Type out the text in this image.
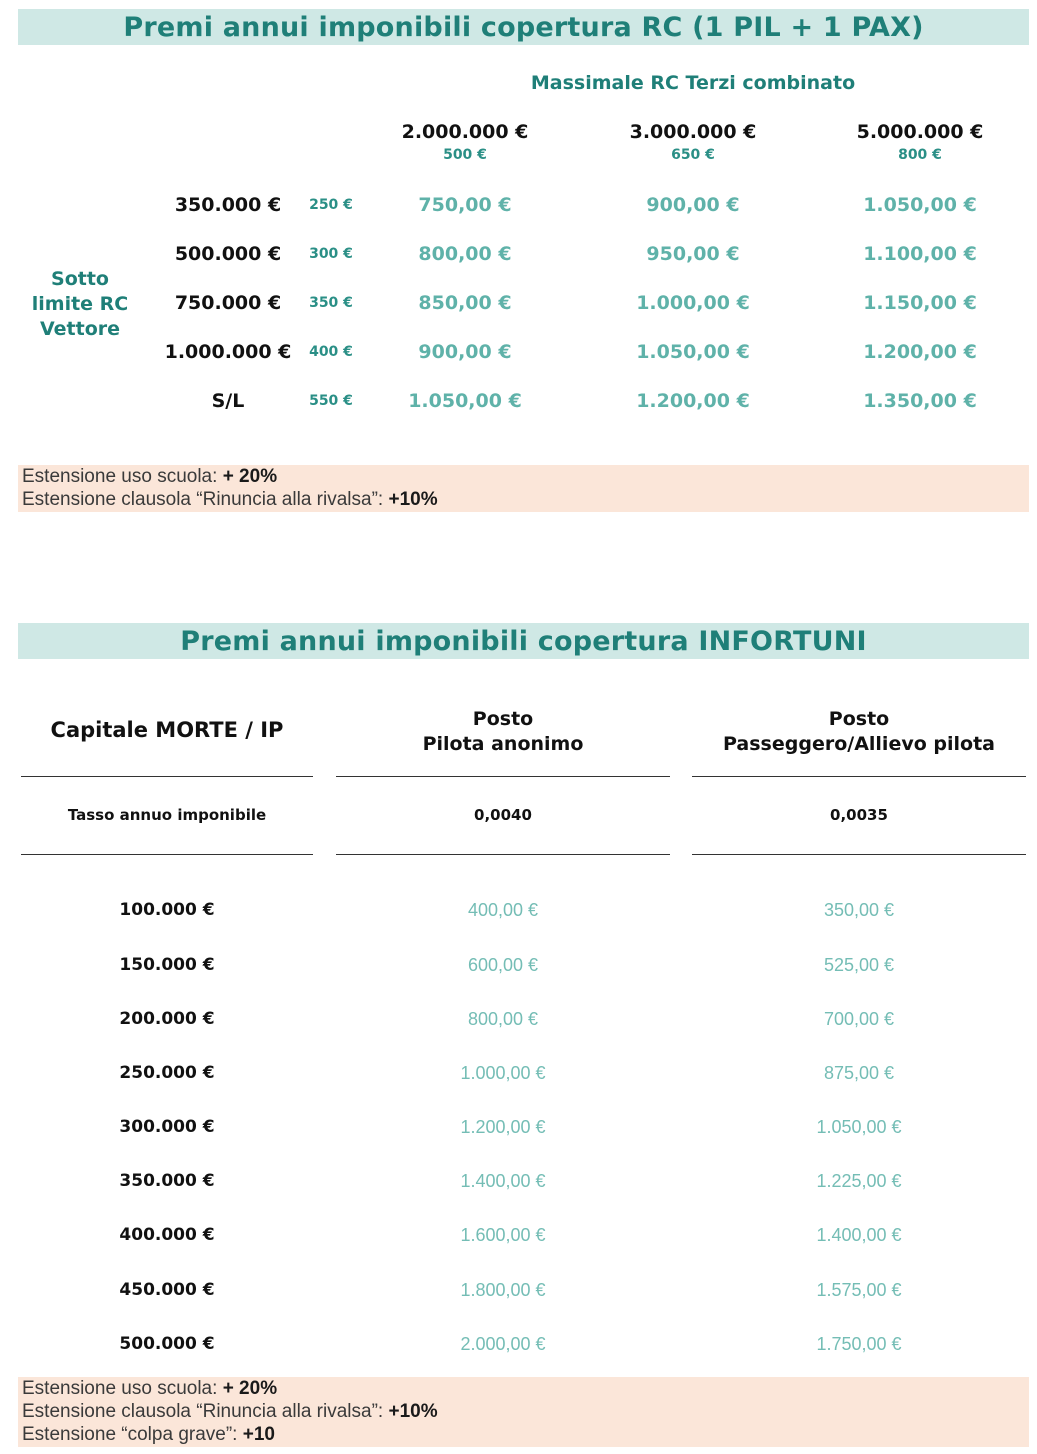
Premi annui imponibili copertura RC (1 PIL + 1 PAX)
Massimale RC Terzi combinato
2.000.000 €
500 €
3.000.000 €
650 €
5.000.000 €
800 €
Sotto
limite RC
Vettore
350.000 €	250 €	750,00 €	900,00 €	1.050,00 €
500.000 €	300 €	800,00 €	950,00 €	1.100,00 €
750.000 €	350 €	850,00 €	1.000,00 €	1.150,00 €
1.000.000 €	400 €	900,00 €	1.050,00 €	1.200,00 €
S/L	550 €	1.050,00 €	1.200,00 €	1.350,00 €
Estensione uso scuola: + 20%
Estensione clausola “Rinuncia alla rivalsa”: +10%
Premi annui imponibili copertura INFORTUNI
Capitale MORTE / IP	Posto
Pilota anonimo
Posto
Passeggero/Allievo pilota
Tasso annuo imponibile	0,0040	0,0035
100.000 €	400,00 €	350,00 €
150.000 €	600,00 €	525,00 €
200.000 €	800,00 €	700,00 €
250.000 €	1.000,00 €	875,00 €
300.000 €	1.200,00 €	1.050,00 €
350.000 €	1.400,00 €	1.225,00 €
400.000 €	1.600,00 €	1.400,00 €
450.000 €	1.800,00 €	1.575,00 €
500.000 €	2.000,00 €	1.750,00 €
Estensione uso scuola: + 20%
Estensione clausola “Rinuncia alla rivalsa”: +10%
Estensione “colpa grave”: +10
